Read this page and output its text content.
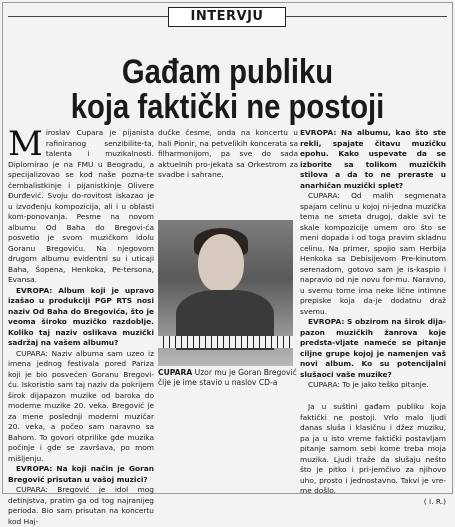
INTERVJU
Gađam publiku
koja faktički ne postoji

Miroslav Cupara je pijanista rafiniranog senzibilite-ta, talenta i muzikalnosti. Diplomirao je na FMU u Beogradu, a specijalizovao se kod naše pozna-te čembalistkinje i pijanistkinje Olivere Đurđević. Svoju do-rovitost iskazao je u izvođenju kompozicija, ali i u oblasti kom-ponovanja. Pesme na novom albumu Od Baha do Bregovi-ća posvetio je svom muzičkom idolu Goranu Bregoviću. Na njegovom drugom albumu evidentni su i uticaji Baha, Šopena, Henkoka, Pe-tersona, Evansa.

EVROPA: Album koji je upravo izašao u produkciji PGP RTS nosi naziv Od Baha do Bregovića, što je veoma široko muzičko razdoblje. Koliko taj naziv oslikava muzički sadržaj na vašem albumu?

CUPARA: Naziv albuma sam uzeo iz imena jednog festivala pored Pariza koji je bio posvećen Goranu Bregovi-ću. Iskoristio sam taj naziv da pokrijem širok dijapazon muzike od baroka do moderne muzike 20. veka. Bregović je za mene poslednji moderni muzičar 20. veka, a počeo sam naravno sa Bahom. To govori otprilike gde muzika počinje i gde se završava, po mom mišljenju.

EVROPA: Na koji način je Goran Bregović prisutan u vašoj muzici?

CUPARA: Bregović je idol mog detinjstva, pratim ga od tog najranijeg perioda. Bio sam prisutan na koncertu kod Haj-

dučke česme, onda na koncertu u hali Pionir, na petvelikih koncerata sa filharmonijom, pa sve do sada aktuelnih pro-jekata sa Orkestrom za svadbe i sahrane.

CUPARA Uzor mu je Goran Bregović čije je ime stavio u naslov CD-a

Ja u suštini gađam publiku koja faktički ne postoji. Vrlo malo ljudi danas sluša i klasičnu i džez muziku, pa ja u isto vreme faktički postavljam pitanje samom sebi kome treba moja muzika. Ljudi traže da slušaju nešto što je pitko i pri-jemčivo za njihovo uho, prosto i jednostavno. Takvi je vre-me došlo.

( I. R.)

EVROPA: Na albumu, kao što ste rekli, spajate čitavu muzičku epohu. Kako uspevate da se izborite sa tolikom muzičkih stilova a da to ne preraste u anarhičan muzički splet?

CUPARA: Od malih segmenata spajam celinu u kojoj ni-jedna muzička tema ne smeta drugoj, dakle svi te skale kompozicije umem oro što se meni dopada i od toga pravim skladnu celinu. Na primer, spojio sam Herbija Henkoka sa Debisijevom Pre-kinutom serenadom, gotovo sam je is-kaspio i napravio od nje novu for-mu. Naravno, u svemu tome ima neke lične intimne prepiske koja da-je dodatnu draž svemu.

EVROPA: S obzirom na širok dija-pazon muzičkih žanrova koje predsta-vljate nameće se pitanje ciljne grupe kojoj je namenjen vaš novi album. Ko su potencijalni slušaoci vaše muzike?

CUPARA: To je jako teško pitanje.
